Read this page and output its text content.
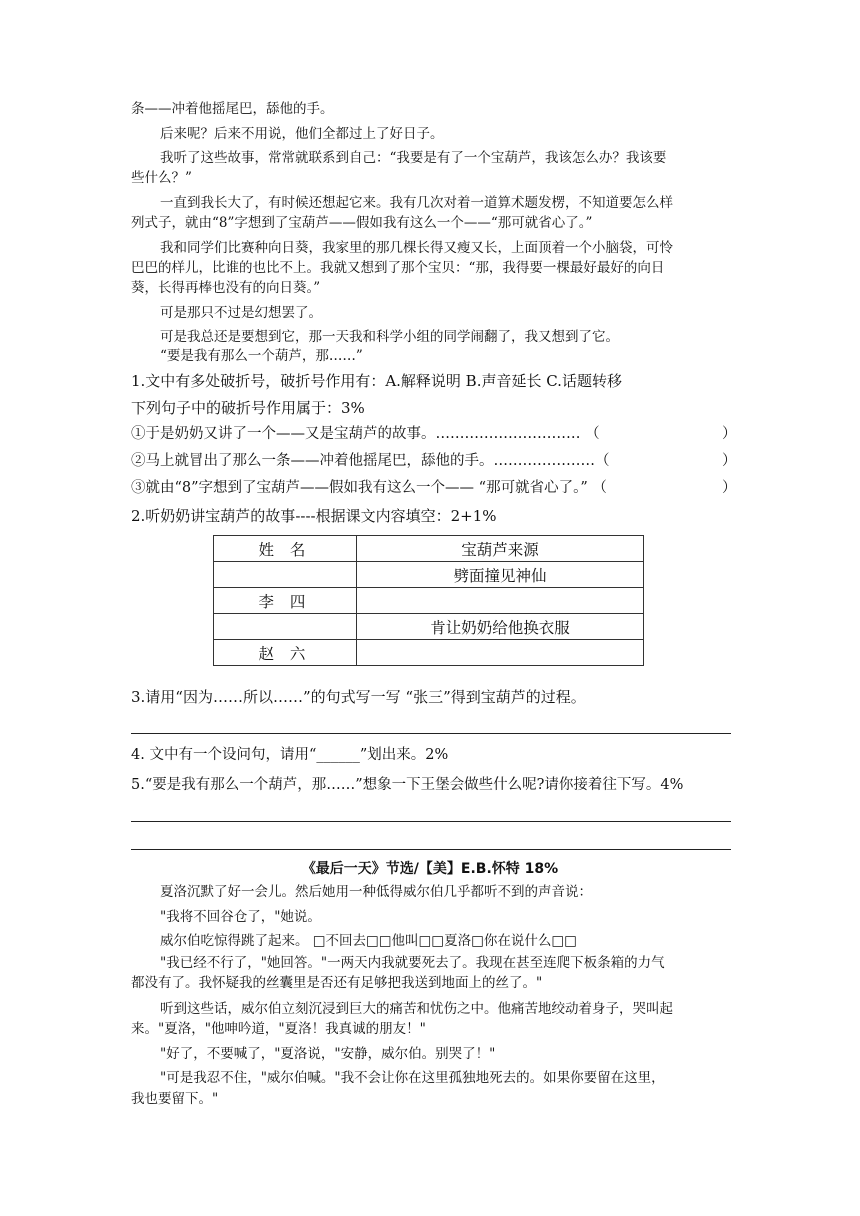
条——冲着他摇尾巴，舔他的手。
后来呢？后来不用说，他们全都过上了好日子。
我听了这些故事，常常就联系到自己：“我要是有了一个宝葫芦，我该怎么办？我该要
些什么？”
一直到我长大了，有时候还想起它来。我有几次对着一道算术题发楞，不知道要怎么样
列式子，就由“8”字想到了宝葫芦——假如我有这么一个——“那可就省心了。”
我和同学们比赛种向日葵，我家里的那几棵长得又瘦又长，上面顶着一个小脑袋，可怜
巴巴的样儿，比谁的也比不上。我就又想到了那个宝贝：“那，我得要一棵最好最好的向日
葵，长得再棒也没有的向日葵。”
可是那只不过是幻想罢了。
可是我总还是要想到它，那一天我和科学小组的同学闹翻了，我又想到了它。
“要是我有那么一个葫芦，那……”
1.文中有多处破折号，破折号作用有：A.解释说明 B.声音延长 C.话题转移
下列句子中的破折号作用属于：3%
①于是奶奶又讲了一个——又是宝葫芦的故事。………………………… （	）
②马上就冒出了那么一条——冲着他摇尾巴，舔他的手。…………………（	）
③就由“8”字想到了宝葫芦——假如我有这么一个—— “那可就省心了。” （	）
2.听奶奶讲宝葫芦的故事----根据课文内容填空：2+1%
姓 名	宝葫芦来源
	劈面撞见神仙
李 四	
	肯让奶奶给他换衣服
赵 六	
3.请用“因为……所以……”的句式写一写 “张三”得到宝葫芦的过程。
4. 文中有一个设问句，请用“______”划出来。2%
5.“要是我有那么一个葫芦，那……”想象一下王堡会做些什么呢?请你接着往下写。4%
《最后一天》节选/【美】E.B.怀特 18%
夏洛沉默了好一会儿。然后她用一种低得威尔伯几乎都听不到的声音说：
"我将不回谷仓了，"她说。
威尔伯吃惊得跳了起来。 □不回去□□他叫□□夏洛□你在说什么□□
"我已经不行了，"她回答。"一两天内我就要死去了。我现在甚至连爬下板条箱的力气
都没有了。我怀疑我的丝囊里是否还有足够把我送到地面上的丝了。"
听到这些话，威尔伯立刻沉浸到巨大的痛苦和忧伤之中。他痛苦地绞动着身子，哭叫起
来。"夏洛，"他呻吟道，"夏洛！我真诚的朋友！"
"好了，不要喊了，"夏洛说，"安静，威尔伯。别哭了！"
"可是我忍不住，"威尔伯喊。"我不会让你在这里孤独地死去的。如果你要留在这里，
我也要留下。"
